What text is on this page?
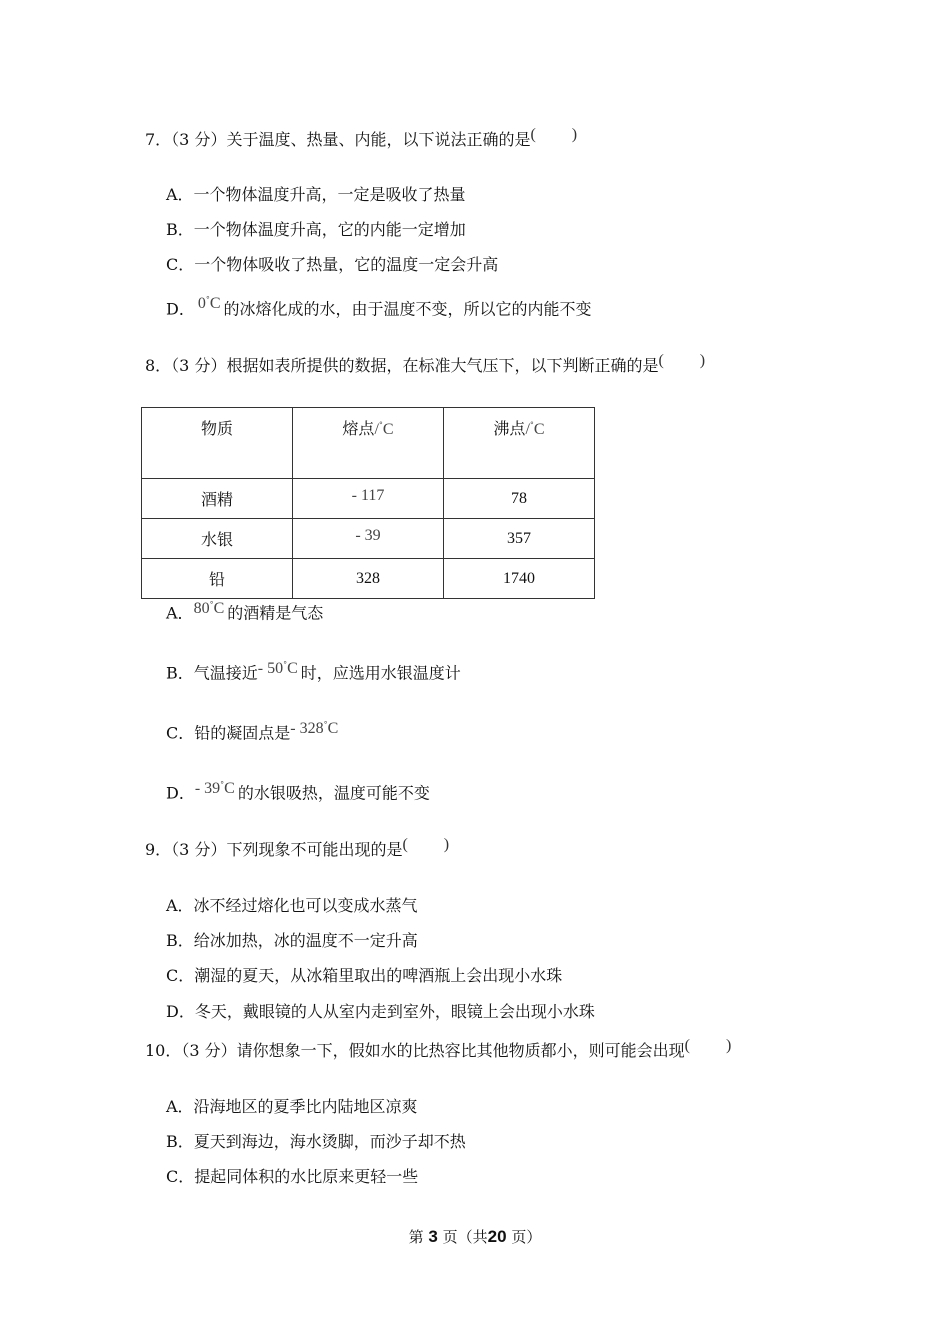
7．（3 分）关于温度、热量、内能，以下说法正确的是( )
A．一个物体温度升高，一定是吸收了热量
B．一个物体温度升高，它的内能一定增加
C．一个物体吸收了热量，它的温度一定会升高
D． 0°C 的冰熔化成的水，由于温度不变，所以它的内能不变
8．（3 分）根据如表所提供的数据，在标准大气压下，以下判断正确的是( )
物质	熔点/°C	沸点/°C
酒精	- 117	78
水银	- 39	357
铅	328	1740
A．80°C 的酒精是气态
B．气温接近- 50°C 时，应选用水银温度计
C．铅的凝固点是- 328°C
D．- 39°C 的水银吸热，温度可能不变
9．（3 分）下列现象不可能出现的是( )
A．冰不经过熔化也可以变成水蒸气
B．给冰加热，冰的温度不一定升高
C．潮湿的夏天，从冰箱里取出的啤酒瓶上会出现小水珠
D．冬天，戴眼镜的人从室内走到室外，眼镜上会出现小水珠
10．（3 分）请你想象一下，假如水的比热容比其他物质都小，则可能会出现( )
A．沿海地区的夏季比内陆地区凉爽
B．夏天到海边，海水烫脚，而沙子却不热
C．提起同体积的水比原来更轻一些
第 3 页（共20 页）
